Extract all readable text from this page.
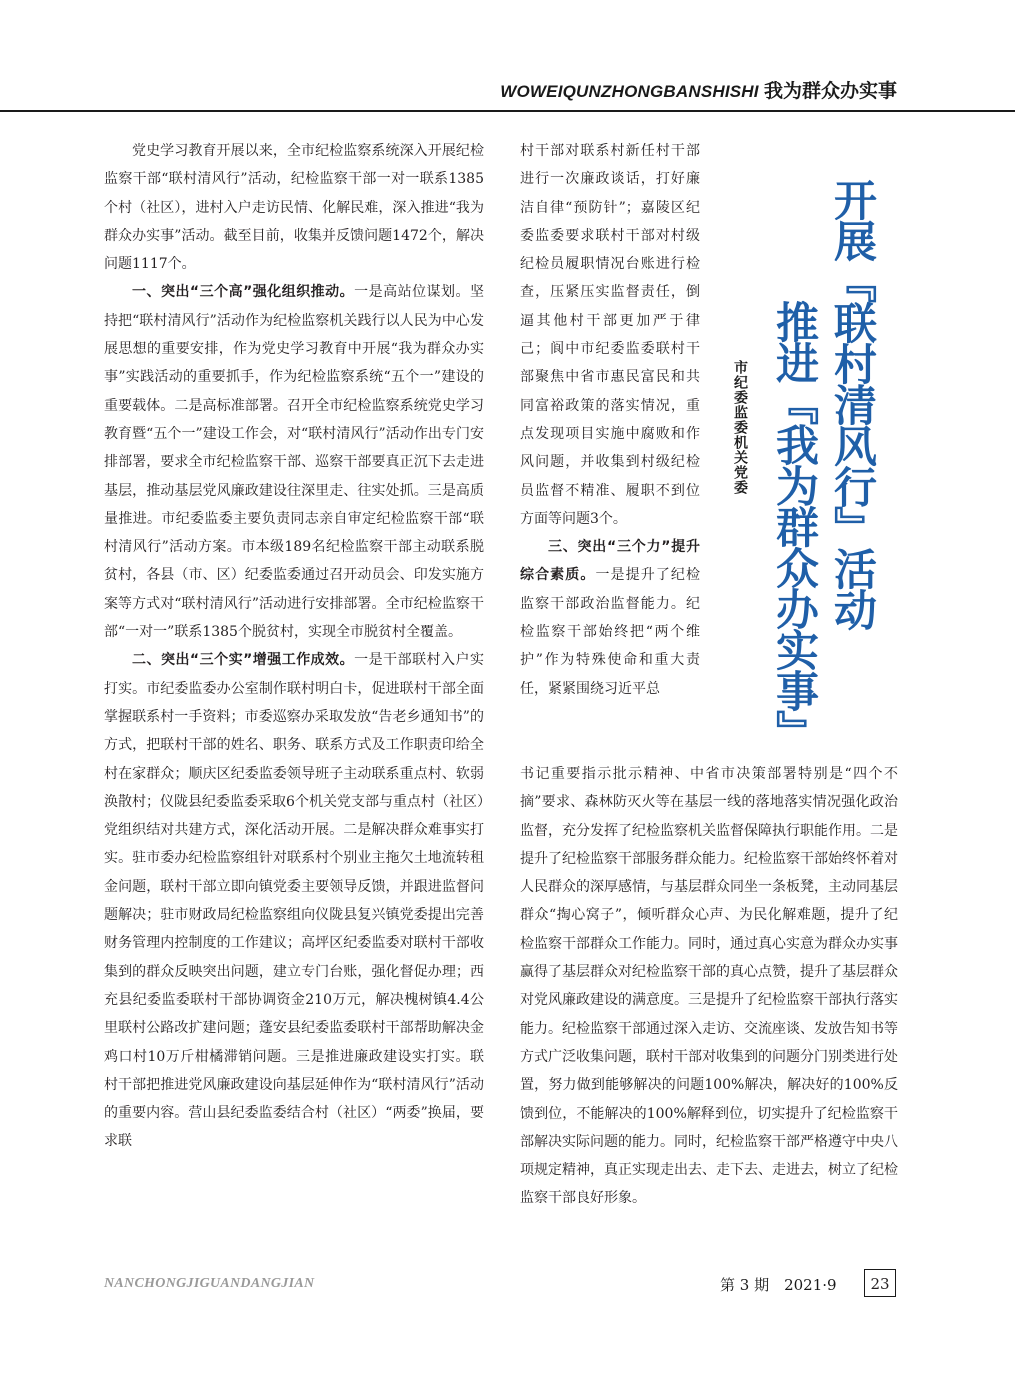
WOWEIQUNZHONGBANSHISHI 我为群众办实事

党史学习教育开展以来，全市纪检监察系统深入开展纪检监察干部“联村清风行”活动，纪检监察干部一对一联系1385个村（社区），进村入户走访民情、化解民难，深入推进“我为群众办实事”活动。截至目前，收集并反馈问题1472个，解决问题1117个。

一、突出“三个高”强化组织推动。一是高站位谋划。坚持把“联村清风行”活动作为纪检监察机关践行以人民为中心发展思想的重要安排，作为党史学习教育中开展“我为群众办实事”实践活动的重要抓手，作为纪检监察系统“五个一”建设的重要载体。二是高标准部署。召开全市纪检监察系统党史学习教育暨“五个一”建设工作会，对“联村清风行”活动作出专门安排部署，要求全市纪检监察干部、巡察干部要真正沉下去走进基层，推动基层党风廉政建设往深里走、往实处抓。三是高质量推进。市纪委监委主要负责同志亲自审定纪检监察干部“联村清风行”活动方案。市本级189名纪检监察干部主动联系脱贫村，各县（市、区）纪委监委通过召开动员会、印发实施方案等方式对“联村清风行”活动进行安排部署。全市纪检监察干部“一对一”联系1385个脱贫村，实现全市脱贫村全覆盖。

二、突出“三个实”增强工作成效。一是干部联村入户实打实。市纪委监委办公室制作联村明白卡，促进联村干部全面掌握联系村一手资料；市委巡察办采取发放“告老乡通知书”的方式，把联村干部的姓名、职务、联系方式及工作职责印给全村在家群众；顺庆区纪委监委领导班子主动联系重点村、软弱涣散村；仪陇县纪委监委采取6个机关党支部与重点村（社区）党组织结对共建方式，深化活动开展。二是解决群众难事实打实。驻市委办纪检监察组针对联系村个别业主拖欠土地流转租金问题，联村干部立即向镇党委主要领导反馈，并跟进监督问题解决；驻市财政局纪检监察组向仪陇县复兴镇党委提出完善财务管理内控制度的工作建议；高坪区纪委监委对联村干部收集到的群众反映突出问题，建立专门台账，强化督促办理；西充县纪委监委联村干部协调资金210万元，解决槐树镇4.4公里联村公路改扩建问题；蓬安县纪委监委联村干部帮助解决金鸡口村10万斤柑橘滞销问题。三是推进廉政建设实打实。联村干部把推进党风廉政建设向基层延伸作为“联村清风行”活动的重要内容。营山县纪委监委结合村（社区）“两委”换届，要求联

村干部对联系村新任村干部进行一次廉政谈话，打好廉洁自律“预防针”；嘉陵区纪委监委要求联村干部对村级纪检员履职情况台账进行检查，压紧压实监督责任，倒逼其他村干部更加严于律己；阆中市纪委监委联村干部聚焦中省市惠民富民和共同富裕政策的落实情况，重点发现项目实施中腐败和作风问题，并收集到村级纪检员监督不精准、履职不到位方面等问题3个。

三、突出“三个力”提升综合素质。一是提升了纪检监察干部政治监督能力。纪检监察干部始终把“两个维护”作为特殊使命和重大责任，紧紧围绕习近平总

开展『联村清风行』活动
推进『我为群众办实事』
市纪委监委机关党委

书记重要指示批示精神、中省市决策部署特别是“四个不摘”要求、森林防灭火等在基层一线的落地落实情况强化政治监督，充分发挥了纪检监察机关监督保障执行职能作用。二是提升了纪检监察干部服务群众能力。纪检监察干部始终怀着对人民群众的深厚感情，与基层群众同坐一条板凳，主动同基层群众“掏心窝子”，倾听群众心声、为民化解难题，提升了纪检监察干部群众工作能力。同时，通过真心实意为群众办实事赢得了基层群众对纪检监察干部的真心点赞，提升了基层群众对党风廉政建设的满意度。三是提升了纪检监察干部执行落实能力。纪检监察干部通过深入走访、交流座谈、发放告知书等方式广泛收集问题，联村干部对收集到的问题分门别类进行处置，努力做到能够解决的问题100%解决，解决好的100%反馈到位，不能解决的100%解释到位，切实提升了纪检监察干部解决实际问题的能力。同时，纪检监察干部严格遵守中央八项规定精神，真正实现走出去、走下去、走进去，树立了纪检监察干部良好形象。

NANCHONGJIGUANDANGJIAN	第 3 期　2021·9	23
